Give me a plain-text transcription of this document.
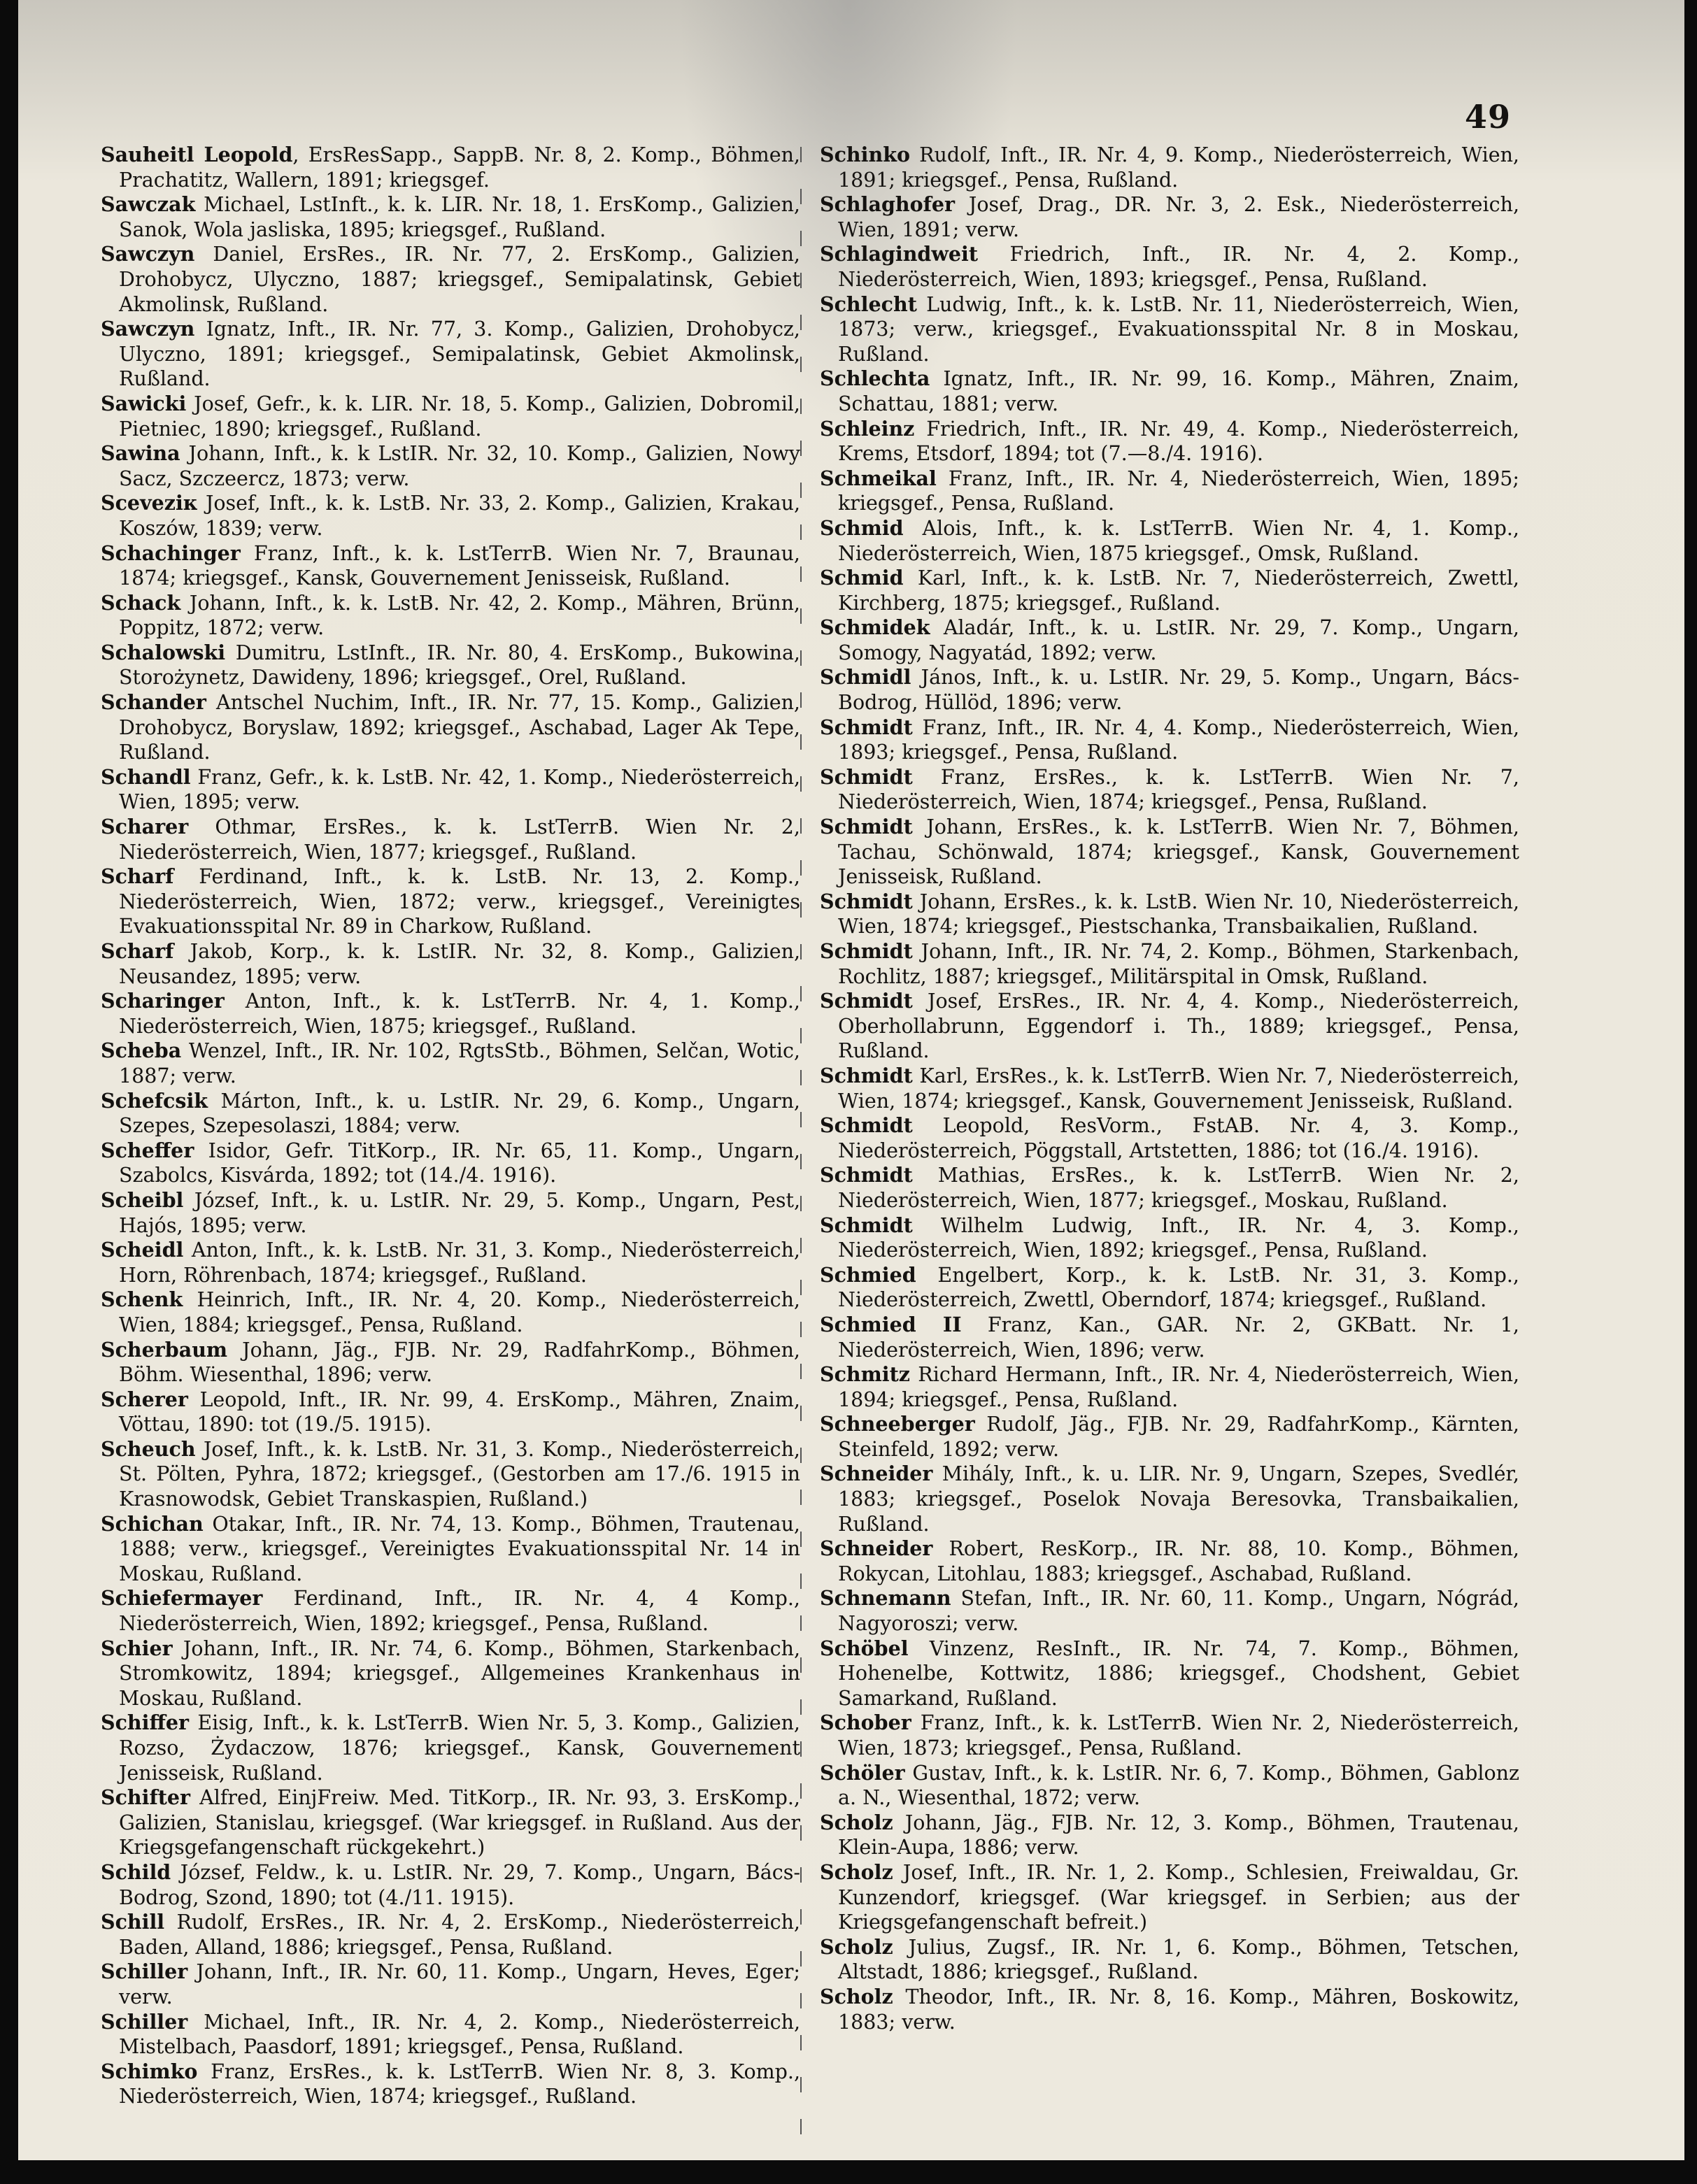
49
Sauheitl Leopold, ErsResSapp., SappB. Nr. 8, 2. Komp., Böhmen, Prachatitz, Wallern, 1891; kriegsgef.
Sawczak Michael, LstInft., k. k. LIR. Nr. 18, 1. ErsKomp., Galizien, Sanok, Wola jasliska, 1895; kriegsgef., Rußland.
Sawczyn Daniel, ErsRes., IR. Nr. 77, 2. ErsKomp., Galizien, Drohobycz, Ulyczno, 1887; kriegsgef., Semipalatinsk, Gebiet Akmolinsk, Rußland.
Sawczyn Ignatz, Inft., IR. Nr. 77, 3. Komp., Galizien, Drohobycz, Ulyczno, 1891; kriegsgef., Semipalatinsk, Gebiet Akmolinsk, Rußland.
Sawicki Josef, Gefr., k. k. LIR. Nr. 18, 5. Komp., Galizien, Dobromil, Pietniec, 1890; kriegsgef., Rußland.
Sawina Johann, Inft., k. k LstIR. Nr. 32, 10. Komp., Galizien, Nowy Sacz, Szczeercz, 1873; verw.
Sceveziк Josef, Inft., k. k. LstB. Nr. 33, 2. Komp., Galizien, Krakau, Koszów, 1839; verw.
Schachinger Franz, Inft., k. k. LstTerrB. Wien Nr. 7, Braunau, 1874; kriegsgef., Kansk, Gouvernement Jenisseisk, Rußland.
Schack Johann, Inft., k. k. LstB. Nr. 42, 2. Komp., Mähren, Brünn, Poppitz, 1872; verw.
Schalowski Dumitru, LstInft., IR. Nr. 80, 4. ErsKomp., Bukowina, Storożynetz, Dawideny, 1896; kriegsgef., Orel, Rußland.
Schander Antschel Nuchim, Inft., IR. Nr. 77, 15. Komp., Galizien, Drohobycz, Boryslaw, 1892; kriegsgef., Aschabad, Lager Ak Tepe, Rußland.
Schandl Franz, Gefr., k. k. LstB. Nr. 42, 1. Komp., Niederösterreich, Wien, 1895; verw.
Scharer Othmar, ErsRes., k. k. LstTerrB. Wien Nr. 2, Niederösterreich, Wien, 1877; kriegsgef., Rußland.
Scharf Ferdinand, Inft., k. k. LstB. Nr. 13, 2. Komp., Niederösterreich, Wien, 1872; verw., kriegsgef., Vereinigtes Evakuationsspital Nr. 89 in Charkow, Rußland.
Scharf Jakob, Korp., k. k. LstIR. Nr. 32, 8. Komp., Galizien, Neusandez, 1895; verw.
Scharinger Anton, Inft., k. k. LstTerrB. Nr. 4, 1. Komp., Niederösterreich, Wien, 1875; kriegsgef., Rußland.
Scheba Wenzel, Inft., IR. Nr. 102, RgtsStb., Böhmen, Selčan, Wotic, 1887; verw.
Schefcsik Márton, Inft., k. u. LstIR. Nr. 29, 6. Komp., Ungarn, Szepes, Szepesolaszi, 1884; verw.
Scheffer Isidor, Gefr. TitKorp., IR. Nr. 65, 11. Komp., Ungarn, Szabolcs, Kisvárda, 1892; tot (14./4. 1916).
Scheibl József, Inft., k. u. LstIR. Nr. 29, 5. Komp., Ungarn, Pest, Hajós, 1895; verw.
Scheidl Anton, Inft., k. k. LstB. Nr. 31, 3. Komp., Niederösterreich, Horn, Röhrenbach, 1874; kriegsgef., Rußland.
Schenk Heinrich, Inft., IR. Nr. 4, 20. Komp., Niederösterreich, Wien, 1884; kriegsgef., Pensa, Rußland.
Scherbaum Johann, Jäg., FJB. Nr. 29, RadfahrKomp., Böhmen, Böhm. Wiesenthal, 1896; verw.
Scherer Leopold, Inft., IR. Nr. 99, 4. ErsKomp., Mähren, Znaim, Vöttau, 1890: tot (19./5. 1915).
Scheuch Josef, Inft., k. k. LstB. Nr. 31, 3. Komp., Niederösterreich, St. Pölten, Pyhra, 1872; kriegsgef., (Gestorben am 17./6. 1915 in Krasnowodsk, Gebiet Transkaspien, Rußland.)
Schichan Otakar, Inft., IR. Nr. 74, 13. Komp., Böhmen, Trautenau, 1888; verw., kriegsgef., Vereinigtes Evakuationsspital Nr. 14 in Moskau, Rußland.
Schiefermayer Ferdinand, Inft., IR. Nr. 4, 4 Komp., Niederösterreich, Wien, 1892; kriegsgef., Pensa, Rußland.
Schier Johann, Inft., IR. Nr. 74, 6. Komp., Böhmen, Starkenbach, Stromkowitz, 1894; kriegsgef., Allgemeines Krankenhaus in Moskau, Rußland.
Schiffer Eisig, Inft., k. k. LstTerrB. Wien Nr. 5, 3. Komp., Galizien, Rozso, Żydaczow, 1876; kriegsgef., Kansk, Gouvernement Jenisseisk, Rußland.
Schifter Alfred, EinjFreiw. Med. TitKorp., IR. Nr. 93, 3. ErsKomp., Galizien, Stanislau, kriegsgef. (War kriegsgef. in Rußland. Aus der Kriegsgefangenschaft rückgekehrt.)
Schild József, Feldw., k. u. LstIR. Nr. 29, 7. Komp., Ungarn, Bács-Bodrog, Szond, 1890; tot (4./11. 1915).
Schill Rudolf, ErsRes., IR. Nr. 4, 2. ErsKomp., Niederösterreich, Baden, Alland, 1886; kriegsgef., Pensa, Rußland.
Schiller Johann, Inft., IR. Nr. 60, 11. Komp., Ungarn, Heves, Eger; verw.
Schiller Michael, Inft., IR. Nr. 4, 2. Komp., Niederösterreich, Mistelbach, Paasdorf, 1891; kriegsgef., Pensa, Rußland.
Schimko Franz, ErsRes., k. k. LstTerrB. Wien Nr. 8, 3. Komp., Niederösterreich, Wien, 1874; kriegsgef., Rußland.
Schinko Rudolf, Inft., IR. Nr. 4, 9. Komp., Niederösterreich, Wien, 1891; kriegsgef., Pensa, Rußland.
Schlaghofer Josef, Drag., DR. Nr. 3, 2. Esk., Niederösterreich, Wien, 1891; verw.
Schlagindweit Friedrich, Inft., IR. Nr. 4, 2. Komp., Niederösterreich, Wien, 1893; kriegsgef., Pensa, Rußland.
Schlecht Ludwig, Inft., k. k. LstB. Nr. 11, Niederösterreich, Wien, 1873; verw., kriegsgef., Evakuationsspital Nr. 8 in Moskau, Rußland.
Schlechta Ignatz, Inft., IR. Nr. 99, 16. Komp., Mähren, Znaim, Schattau, 1881; verw.
Schleinz Friedrich, Inft., IR. Nr. 49, 4. Komp., Niederösterreich, Krems, Etsdorf, 1894; tot (7.—8./4. 1916).
Schmeikal Franz, Inft., IR. Nr. 4, Niederösterreich, Wien, 1895; kriegsgef., Pensa, Rußland.
Schmid Alois, Inft., k. k. LstTerrB. Wien Nr. 4, 1. Komp., Niederösterreich, Wien, 1875 kriegsgef., Omsk, Rußland.
Schmid Karl, Inft., k. k. LstB. Nr. 7, Niederösterreich, Zwettl, Kirchberg, 1875; kriegsgef., Rußland.
Schmidek Aladár, Inft., k. u. LstIR. Nr. 29, 7. Komp., Ungarn, Somogy, Nagyatád, 1892; verw.
Schmidl János, Inft., k. u. LstIR. Nr. 29, 5. Komp., Ungarn, Bács-Bodrog, Hüllöd, 1896; verw.
Schmidt Franz, Inft., IR. Nr. 4, 4. Komp., Niederösterreich, Wien, 1893; kriegsgef., Pensa, Rußland.
Schmidt Franz, ErsRes., k. k. LstTerrB. Wien Nr. 7, Niederösterreich, Wien, 1874; kriegsgef., Pensa, Rußland.
Schmidt Johann, ErsRes., k. k. LstTerrB. Wien Nr. 7, Böhmen, Tachau, Schönwald, 1874; kriegsgef., Kansk, Gouvernement Jenisseisk, Rußland.
Schmidt Johann, ErsRes., k. k. LstB. Wien Nr. 10, Niederösterreich, Wien, 1874; kriegsgef., Piestschanka, Transbaikalien, Rußland.
Schmidt Johann, Inft., IR. Nr. 74, 2. Komp., Böhmen, Starkenbach, Rochlitz, 1887; kriegsgef., Militärspital in Omsk, Rußland.
Schmidt Josef, ErsRes., IR. Nr. 4, 4. Komp., Niederösterreich, Oberhollabrunn, Eggendorf i. Th., 1889; kriegsgef., Pensa, Rußland.
Schmidt Karl, ErsRes., k. k. LstTerrB. Wien Nr. 7, Niederösterreich, Wien, 1874; kriegsgef., Kansk, Gouvernement Jenisseisk, Rußland.
Schmidt Leopold, ResVorm., FstAB. Nr. 4, 3. Komp., Niederösterreich, Pöggstall, Artstetten, 1886; tot (16./4. 1916).
Schmidt Mathias, ErsRes., k. k. LstTerrB. Wien Nr. 2, Niederösterreich, Wien, 1877; kriegsgef., Moskau, Rußland.
Schmidt Wilhelm Ludwig, Inft., IR. Nr. 4, 3. Komp., Niederösterreich, Wien, 1892; kriegsgef., Pensa, Rußland.
Schmied Engelbert, Korp., k. k. LstB. Nr. 31, 3. Komp., Niederösterreich, Zwettl, Oberndorf, 1874; kriegsgef., Rußland.
Schmied II Franz, Kan., GAR. Nr. 2, GKBatt. Nr. 1, Niederösterreich, Wien, 1896; verw.
Schmitz Richard Hermann, Inft., IR. Nr. 4, Niederösterreich, Wien, 1894; kriegsgef., Pensa, Rußland.
Schneeberger Rudolf, Jäg., FJB. Nr. 29, RadfahrKomp., Kärnten, Steinfeld, 1892; verw.
Schneider Mihály, Inft., k. u. LIR. Nr. 9, Ungarn, Szepes, Svedlér, 1883; kriegsgef., Poselok Novaja Beresovka, Transbaikalien, Rußland.
Schneider Robert, ResKorp., IR. Nr. 88, 10. Komp., Böhmen, Rokycan, Litohlau, 1883; kriegsgef., Aschabad, Rußland.
Schnemann Stefan, Inft., IR. Nr. 60, 11. Komp., Ungarn, Nógrád, Nagyoroszi; verw.
Schöbel Vinzenz, ResInft., IR. Nr. 74, 7. Komp., Böhmen, Hohenelbe, Kottwitz, 1886; kriegsgef., Chodshent, Gebiet Samarkand, Rußland.
Schober Franz, Inft., k. k. LstTerrB. Wien Nr. 2, Niederösterreich, Wien, 1873; kriegsgef., Pensa, Rußland.
Schöler Gustav, Inft., k. k. LstIR. Nr. 6, 7. Komp., Böhmen, Gablonz a. N., Wiesenthal, 1872; verw.
Scholz Johann, Jäg., FJB. Nr. 12, 3. Komp., Böhmen, Trautenau, Klein-Aupa, 1886; verw.
Scholz Josef, Inft., IR. Nr. 1, 2. Komp., Schlesien, Freiwaldau, Gr. Kunzendorf, kriegsgef. (War kriegsgef. in Serbien; aus der Kriegsgefangenschaft befreit.)
Scholz Julius, Zugsf., IR. Nr. 1, 6. Komp., Böhmen, Tetschen, Altstadt, 1886; kriegsgef., Rußland.
Scholz Theodor, Inft., IR. Nr. 8, 16. Komp., Mähren, Boskowitz, 1883; verw.
